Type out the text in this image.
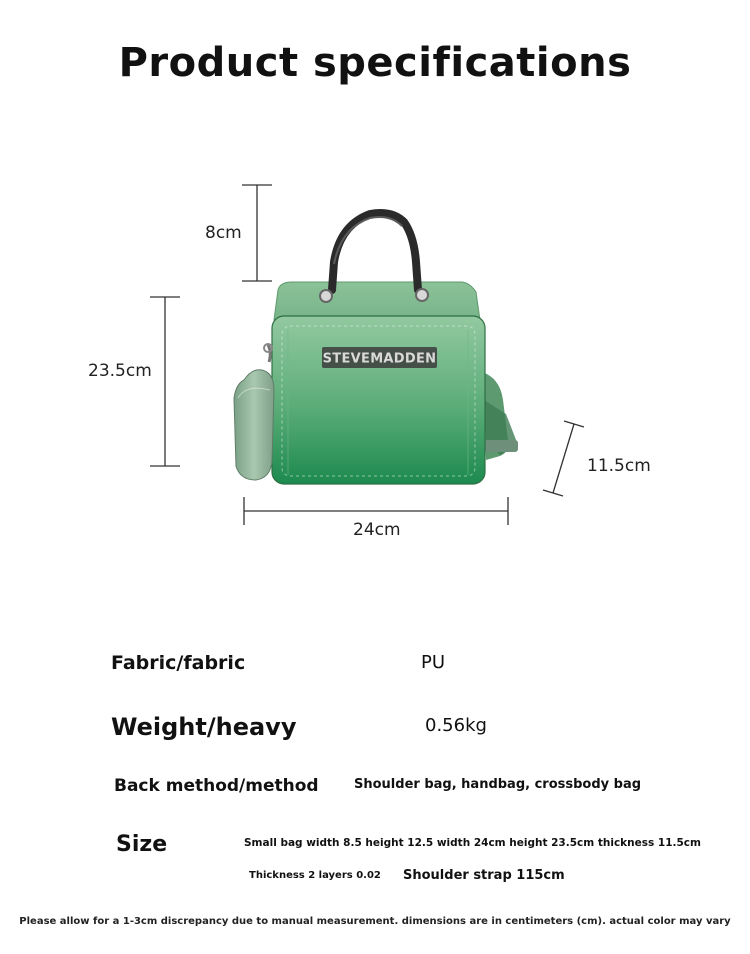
Product specifications
STEVEMADDEN
8cm
23.5cm
24cm
11.5cm
Fabric/fabric	PU
Weight/heavy	0.56kg
Back method/method	Shoulder bag, handbag, crossbody bag
Size	Small bag width 8.5 height 12.5 width 24cm height 23.5cm thickness 11.5cm
Thickness 2 layers 0.02 Shoulder strap 115cm
Please allow for a 1-3cm discrepancy due to manual measurement. dimensions are in centimeters (cm). actual color may vary
